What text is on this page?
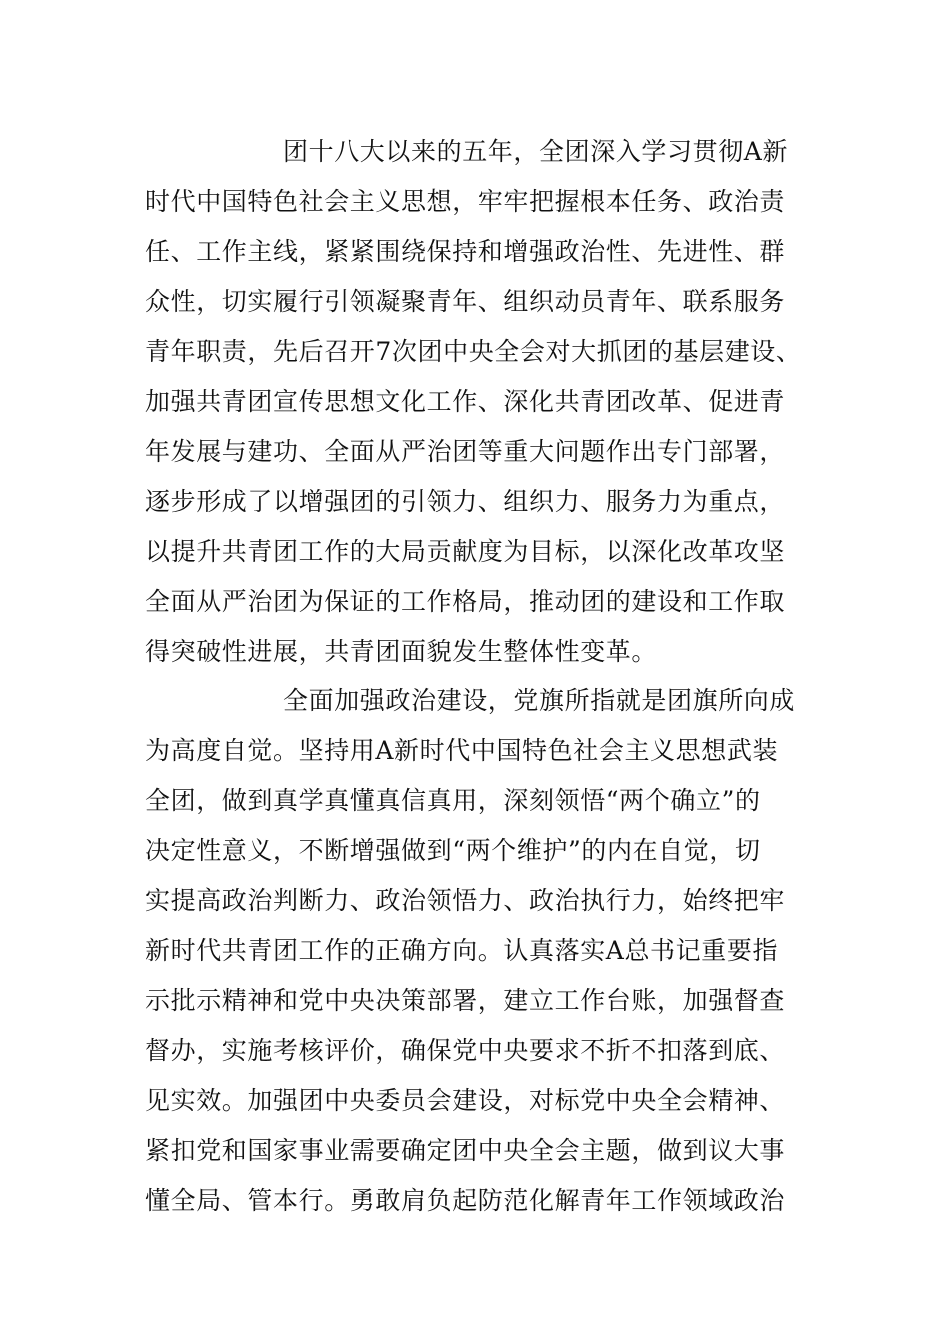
团十八大以来的五年，全团深入学习贯彻A新
时代中国特色社会主义思想，牢牢把握根本任务、政治责
任、工作主线，紧紧围绕保持和增强政治性、先进性、群
众性，切实履行引领凝聚青年、组织动员青年、联系服务
青年职责，先后召开7次团中央全会对大抓团的基层建设、
加强共青团宣传思想文化工作、深化共青团改革、促进青
年发展与建功、全面从严治团等重大问题作出专门部署，
逐步形成了以增强团的引领力、组织力、服务力为重点，
以提升共青团工作的大局贡献度为目标，以深化改革攻坚
全面从严治团为保证的工作格局，推动团的建设和工作取
得突破性进展，共青团面貌发生整体性变革。
全面加强政治建设，党旗所指就是团旗所向成
为高度自觉。坚持用A新时代中国特色社会主义思想武装
全团，做到真学真懂真信真用，深刻领悟“两个确立”的
决定性意义，不断增强做到“两个维护”的内在自觉，切
实提高政治判断力、政治领悟力、政治执行力，始终把牢
新时代共青团工作的正确方向。认真落实A总书记重要指
示批示精神和党中央决策部署，建立工作台账，加强督查
督办，实施考核评价，确保党中央要求不折不扣落到底、
见实效。加强团中央委员会建设，对标党中央全会精神、
紧扣党和国家事业需要确定团中央全会主题，做到议大事
懂全局、管本行。勇敢肩负起防范化解青年工作领域政治
